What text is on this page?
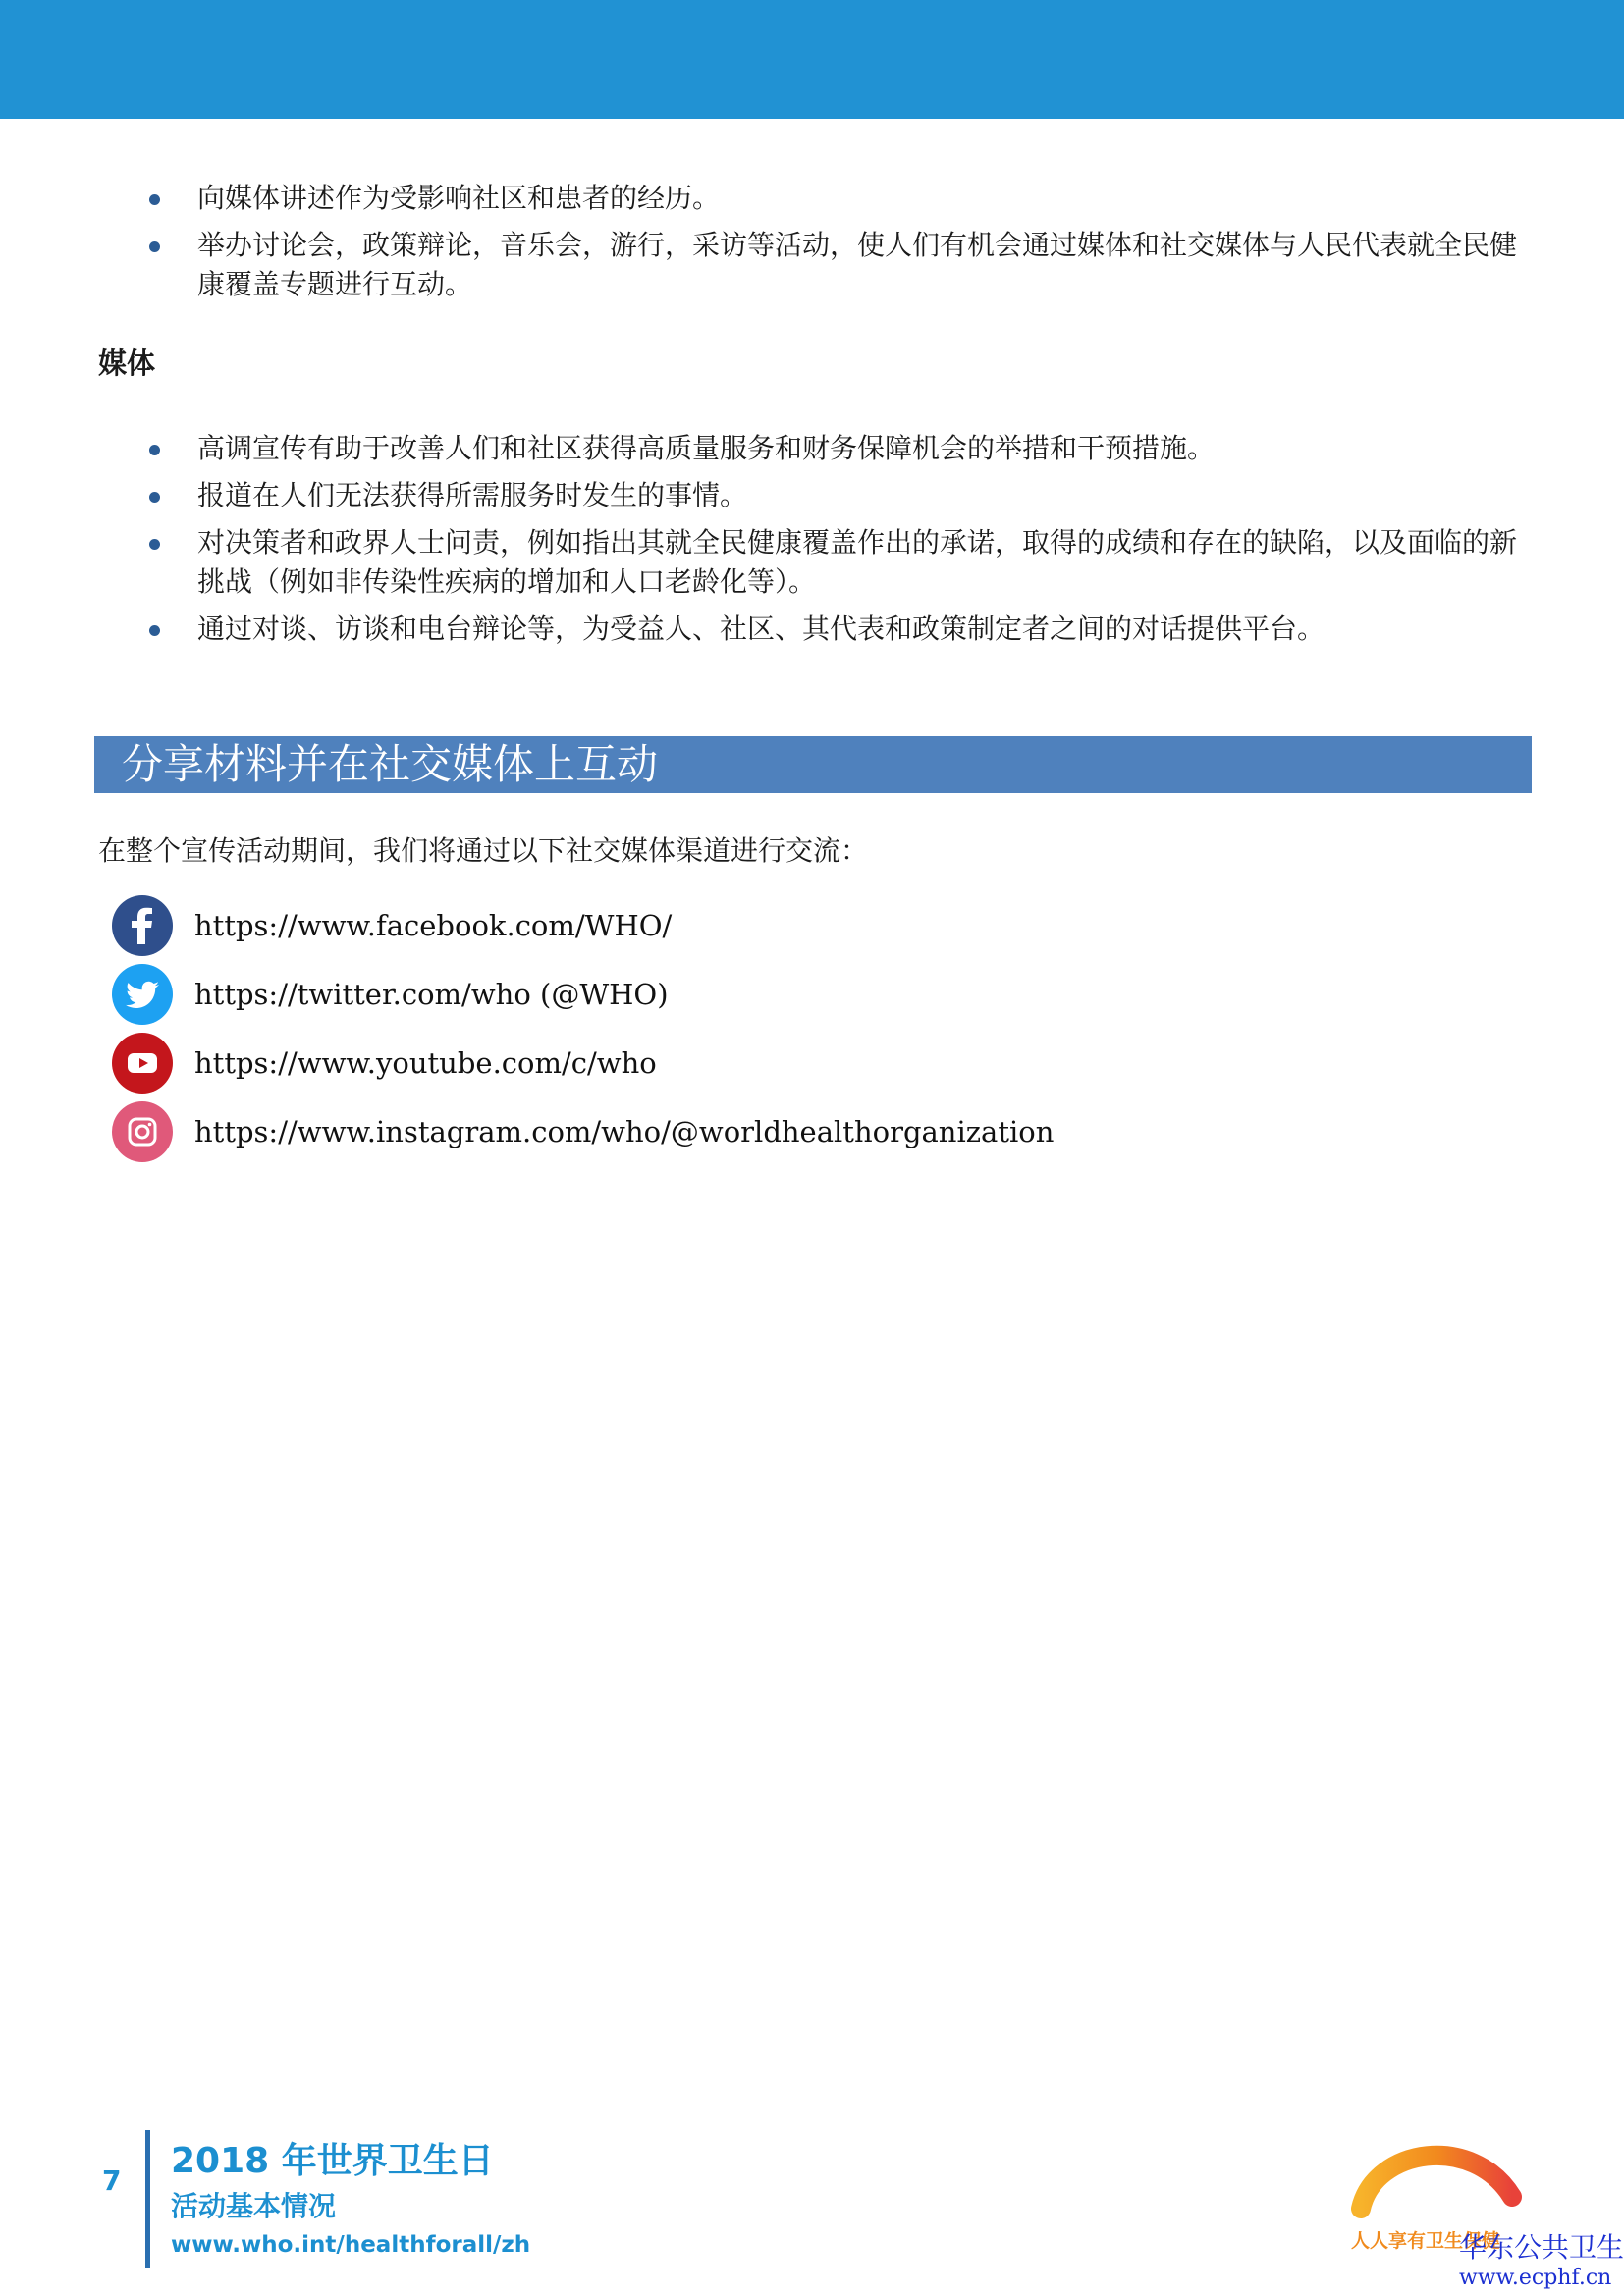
向媒体讲述作为受影响社区和患者的经历。
举办讨论会，政策辩论，音乐会，游行，采访等活动，使人们有机会通过媒体和社交媒体与人民代表就全民健康覆盖专题进行互动。
媒体
高调宣传有助于改善人们和社区获得高质量服务和财务保障机会的举措和干预措施。
报道在人们无法获得所需服务时发生的事情。
对决策者和政界人士问责，例如指出其就全民健康覆盖作出的承诺，取得的成绩和存在的缺陷，以及面临的新挑战（例如非传染性疾病的增加和人口老龄化等）。
通过对谈、访谈和电台辩论等，为受益人、社区、其代表和政策制定者之间的对话提供平台。
分享材料并在社交媒体上互动

在整个宣传活动期间，我们将通过以下社交媒体渠道进行交流：

https://www.facebook.com/WHO/
https://twitter.com/who (@WHO)
https://www.youtube.com/c/who
https://www.instagram.com/who/@worldhealthorganization
7 2018 年世界卫生日

活动基本情况

www.who.int/healthforall/zh	人人享有卫生保健
华东公共卫生
www.ecphf.cn
